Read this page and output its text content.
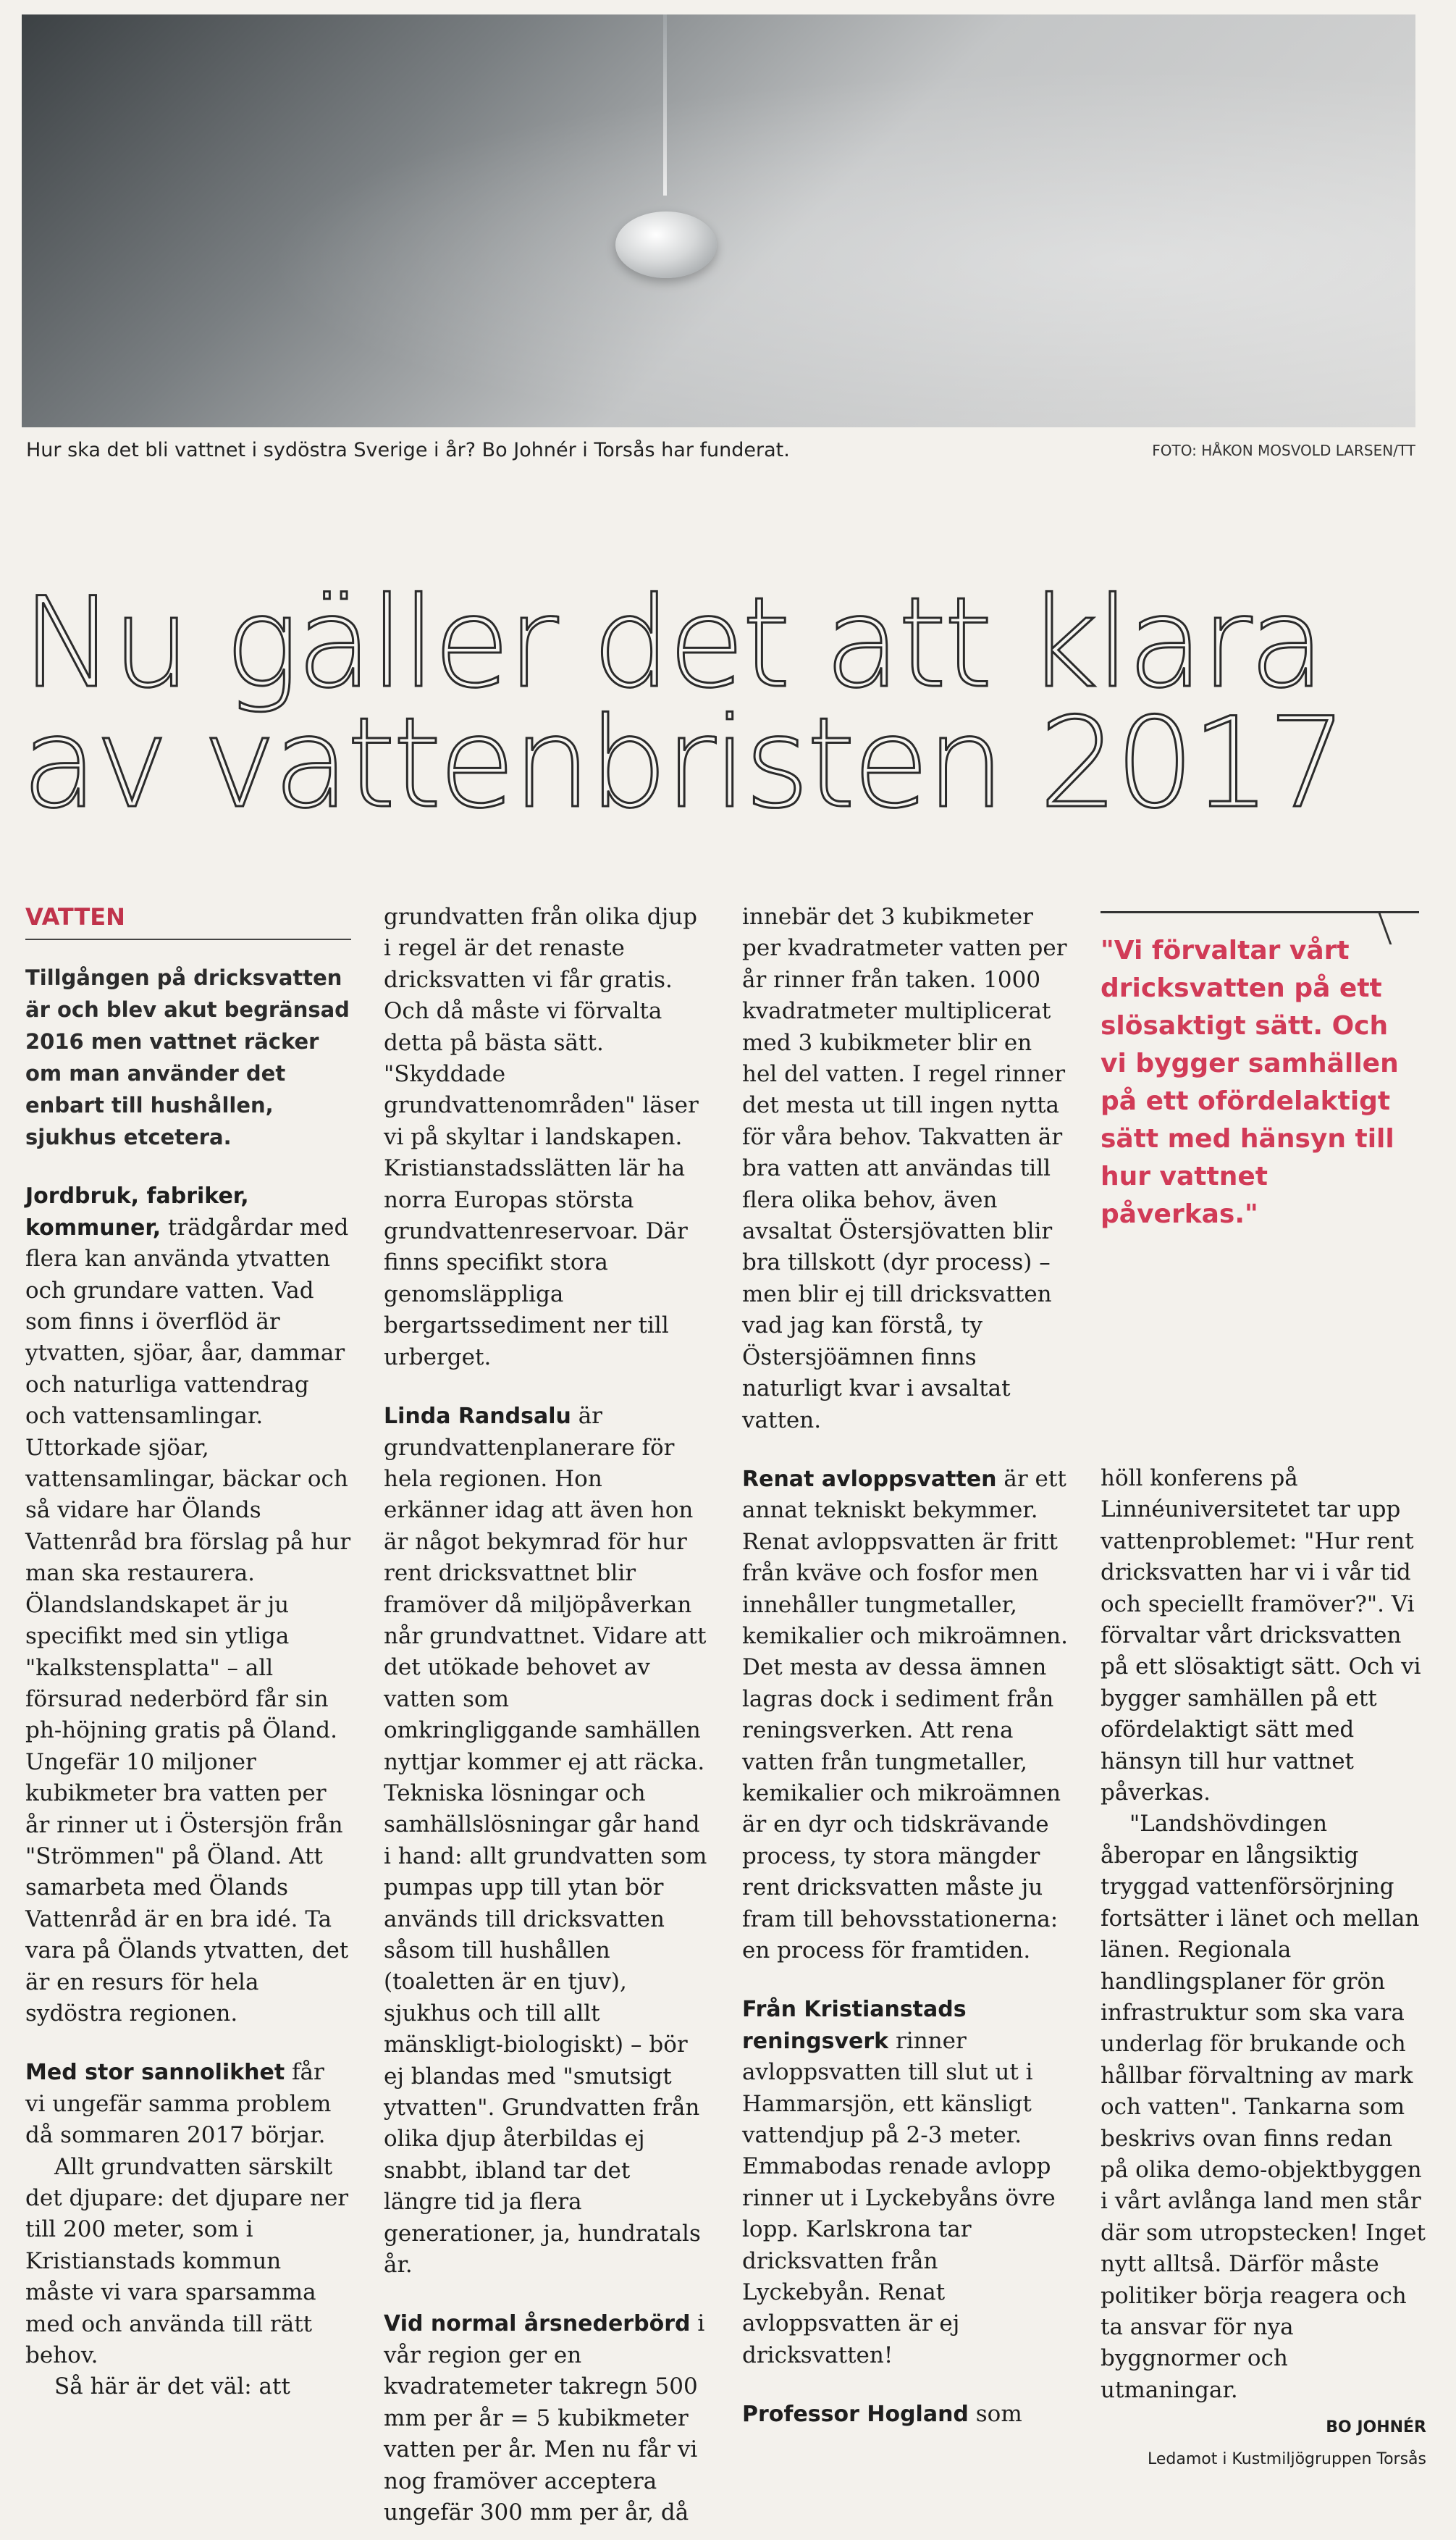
Hur ska det bli vattnet i sydöstra Sverige i år? Bo Johnér i Torsås har funderat.	FOTO: HÅKON MOSVOLD LARSEN/TT
Nu gäller det att klara
av vattenbristen 2017
VATTEN

Tillgången på dricksvatten är och blev akut begränsad 2016 men vattnet räcker om man använder det enbart till hushållen, sjukhus etcetera.

Jordbruk, fabriker, kommuner, trädgårdar med flera kan använda ytvatten och grundare vatten. Vad som finns i överflöd är ytvatten, sjöar, åar, dammar och naturliga vattendrag och vattensamlingar. Uttorkade sjöar, vattensamlingar, bäckar och så vidare har Ölands Vattenråd bra förslag på hur man ska restaurera. Ölandslandskapet är ju specifikt med sin ytliga "kalkstensplatta" – all försurad nederbörd får sin ph-höjning gratis på Öland. Ungefär 10 miljoner kubikmeter bra vatten per år rinner ut i Östersjön från "Strömmen" på Öland. Att samarbeta med Ölands Vattenråd är en bra idé. Ta vara på Ölands ytvatten, det är en resurs för hela sydöstra regionen.

Med stor sannolikhet får vi ungefär samma problem då sommaren 2017 börjar.

Allt grundvatten särskilt det djupare: det djupare ner till 200 meter, som i Kristianstads kommun måste vi vara sparsamma med och använda till rätt behov.

Så här är det väl: att

grundvatten från olika djup i regel är det renaste dricksvatten vi får gratis. Och då måste vi förvalta detta på bästa sätt. "Skyddade grundvattenområden" läser vi på skyltar i landskapen. Kristianstadsslätten lär ha norra Europas största grundvattenreservoar. Där finns specifikt stora genomsläppliga bergartssediment ner till urberget.

Linda Randsalu är grundvattenplanerare för hela regionen. Hon erkänner idag att även hon är något bekymrad för hur rent dricksvattnet blir framöver då miljöpåverkan når grundvattnet. Vidare att det utökade behovet av vatten som omkringliggande samhällen nyttjar kommer ej att räcka. Tekniska lösningar och samhällslösningar går hand i hand: allt grundvatten som pumpas upp till ytan bör används till dricksvatten såsom till hushållen (toaletten är en tjuv), sjukhus och till allt mänskligt-biologiskt) – bör ej blandas med "smutsigt ytvatten". Grundvatten från olika djup återbildas ej snabbt, ibland tar det längre tid ja flera generationer, ja, hundratals år.

Vid normal årsnederbörd i vår region ger en kvadratemeter takregn 500 mm per år = 5 kubikmeter vatten per år. Men nu får vi nog framöver acceptera ungefär 300 mm per år, då

innebär det 3 kubikmeter per kvadratmeter vatten per år rinner från taken. 1000 kvadratmeter multiplicerat med 3 kubikmeter blir en hel del vatten. I regel rinner det mesta ut till ingen nytta för våra behov. Takvatten är bra vatten att användas till flera olika behov, även avsaltat Östersjövatten blir bra tillskott (dyr process) – men blir ej till dricksvatten vad jag kan förstå, ty Östersjöämnen finns naturligt kvar i avsaltat vatten.

Renat avloppsvatten är ett annat tekniskt bekymmer. Renat avloppsvatten är fritt från kväve och fosfor men innehåller tungmetaller, kemikalier och mikroämnen. Det mesta av dessa ämnen lagras dock i sediment från reningsverken. Att rena vatten från tungmetaller, kemikalier och mikroämnen är en dyr och tidskrävande process, ty stora mängder rent dricksvatten måste ju fram till behovsstationerna: en process för framtiden.

Från Kristianstads reningsverk rinner avloppsvatten till slut ut i Hammarsjön, ett känsligt vattendjup på 2-3 meter. Emmabodas renade avlopp rinner ut i Lyckebyåns övre lopp. Karlskrona tar dricksvatten från Lyckebyån. Renat avloppsvatten är ej dricksvatten!

Professor Hogland som

"Vi förvaltar vårt dricksvatten på ett slösaktigt sätt. Och vi bygger samhällen på ett ofördelaktigt sätt med hänsyn till hur vattnet påverkas."

höll konferens på Linnéuniversitetet tar upp vattenproblemet: "Hur rent dricksvatten har vi i vår tid och speciellt framöver?". Vi förvaltar vårt dricksvatten på ett slösaktigt sätt. Och vi bygger samhällen på ett ofördelaktigt sätt med hänsyn till hur vattnet påverkas.

"Landshövdingen åberopar en långsiktig tryggad vattenförsörjning fortsätter i länet och mellan länen. Regionala handlingsplaner för grön infrastruktur som ska vara underlag för brukande och hållbar förvaltning av mark och vatten". Tankarna som beskrivs ovan finns redan på olika demo-objektbyggen i vårt avlånga land men står där som utropstecken! Inget nytt alltså. Därför måste politiker börja reagera och ta ansvar för nya byggnormer och utmaningar.

BO JOHNÉR
Ledamot i Kustmiljögruppen Torsås
